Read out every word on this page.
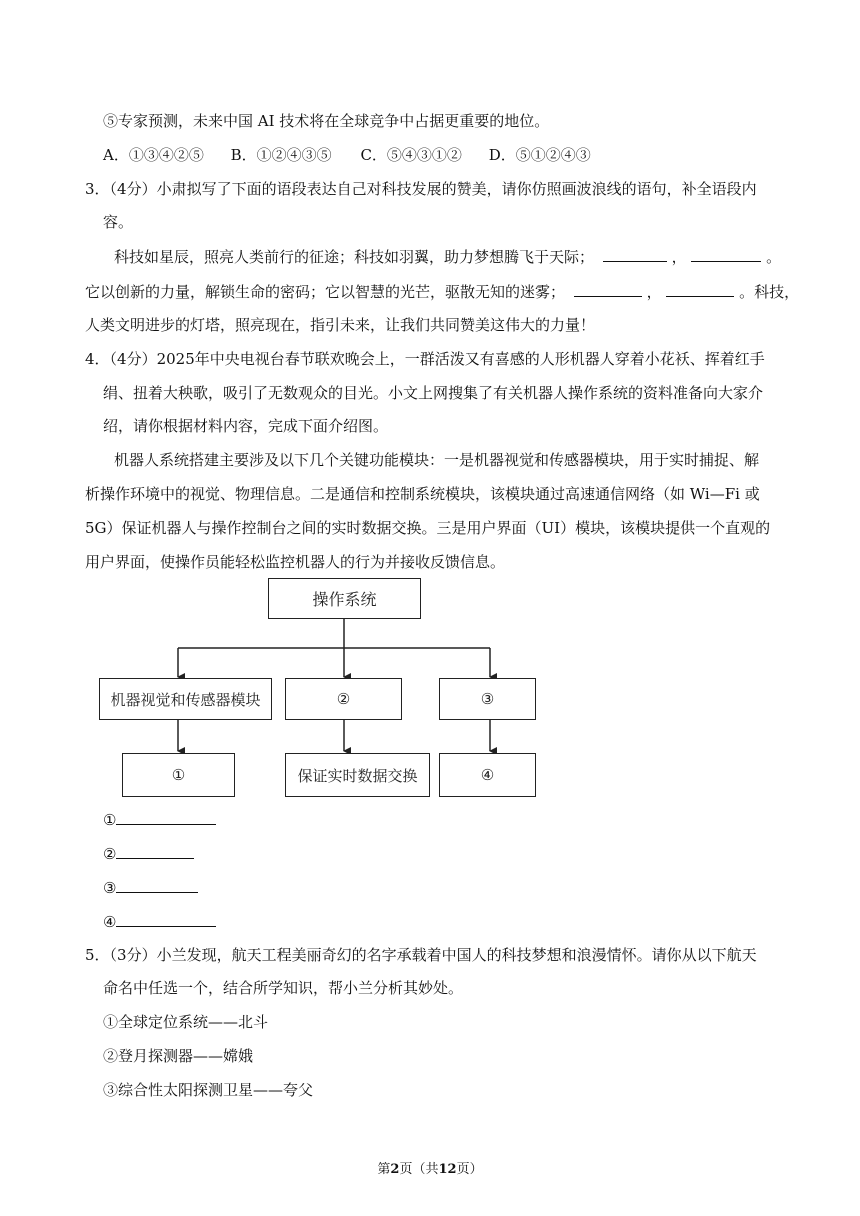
⑤专家预测，未来中国 AI 技术将在全球竞争中占据更重要的地位。
A．①③④②⑤ B．①②④③⑤ C．⑤④③①② D．⑤①②④③
3．（4分）小肃拟写了下面的语段表达自己对科技发展的赞美，请你仿照画波浪线的语句，补全语段内
容。
科技如星辰，照亮人类前行的征途；科技如羽翼，助力梦想腾飞于天际；	，	。
它以创新的力量，解锁生命的密码；它以智慧的光芒，驱散无知的迷雾；	，	。科技，
人类文明进步的灯塔，照亮现在，指引未来，让我们共同赞美这伟大的力量！
4．（4分）2025年中央电视台春节联欢晚会上，一群活泼又有喜感的人形机器人穿着小花袄、挥着红手
绢、扭着大秧歌，吸引了无数观众的目光。小文上网搜集了有关机器人操作系统的资料准备向大家介
绍，请你根据材料内容，完成下面介绍图。
机器人系统搭建主要涉及以下几个关键功能模块：一是机器视觉和传感器模块，用于实时捕捉、解
析操作环境中的视觉、物理信息。二是通信和控制系统模块，该模块通过高速通信网络（如 Wi—Fi 或
5G）保证机器人与操作控制台之间的实时数据交换。三是用户界面（UI）模块，该模块提供一个直观的
用户界面，使操作员能轻松监控机器人的行为并接收反馈信息。
操作系统
机器视觉和传感器模块	②	③
①	保证实时数据交换	④
①
②
③
④
5．（3分）小兰发现，航天工程美丽奇幻的名字承载着中国人的科技梦想和浪漫情怀。请你从以下航天
命名中任选一个，结合所学知识，帮小兰分析其妙处。
①全球定位系统——北斗
②登月探测器——嫦娥
③综合性太阳探测卫星——夸父
第2页（共12页）
